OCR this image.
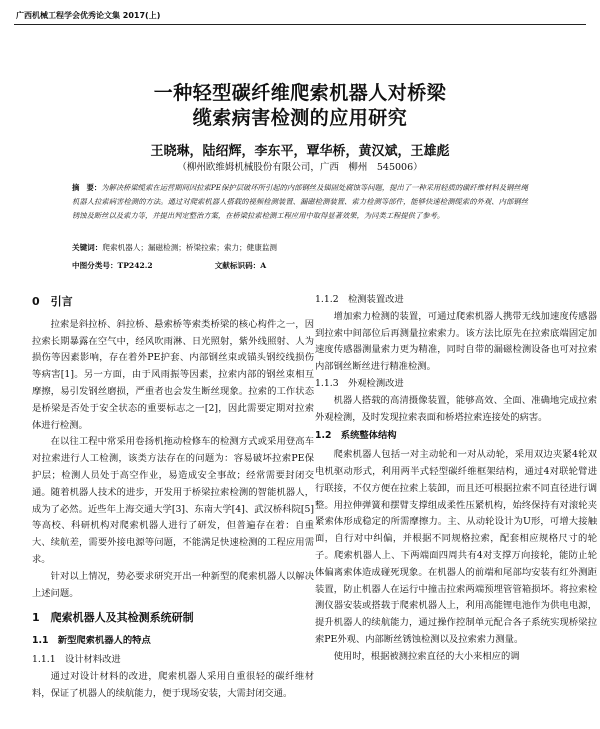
广西机械工程学会优秀论文集 2017(上)
一种轻型碳纤维爬索机器人对桥梁
缆索病害检测的应用研究
王晓琳，陆绍辉，李东平，覃华桥，黄汉斌，王雄彪
（柳州欧维姆机械股份有限公司，广西　柳州　545006）
摘　要：为解决桥梁缆索在运营期间因拉索PE保护层破坏所引起的内部钢丝及锚固处腐蚀等问题，提出了一种采用轻质的碳纤维材料及钢丝绳机器人拉索病害检测的方法。通过对爬索机器人搭载的视频检测装置、漏磁检测装置、索力检测等部件，能够快速检测缆索的外观、内部钢丝锈蚀及断丝以及索力等，并提出判定整治方案，在桥梁拉索检测工程应用中取得显著效果，为同类工程提供了参考。
关键词：爬索机器人；漏磁检测；桥梁拉索；索力；健康监测
中图分类号：TP242.2	文献标识码：A
0　引言

拉索是斜拉桥、斜拉桥、悬索桥等索类桥梁的核心构件之一，因拉索长期暴露在空气中，经风吹雨淋、日光照射，紫外线照射、人为损伤等因素影响，存在着外PE护套、内部钢丝束或锚头钢绞线损伤等病害[1]。另一方面，由于风雨振等因素，拉索内部的钢丝束相互摩擦，易引发钢丝磨损，严重者也会发生断丝现象。拉索的工作状态是桥梁是否处于安全状态的重要标志之一[2]，因此需要定期对拉索体进行检测。

在以往工程中常采用卷扬机拖动检修车的检测方式或采用登高车对拉索进行人工检测，该类方法存在的问题为：容易破坏拉索PE保护层；检测人员处于高空作业，易造成安全事故；经常需要封闭交通。随着机器人技术的进步，开发用于桥梁拉索检测的智能机器人，成为了必然。近些年上海交通大学[3]、东南大学[4]、武汉桥科院[5]等高校、科研机构对爬索机器人进行了研发，但普遍存在着：自重大、续航差，需要外接电源等问题，不能满足快速检测的工程应用需求。

针对以上情况，势必要求研究开出一种新型的爬索机器人以解决上述问题。

1　爬索机器人及其检测系统研制
1.1　新型爬索机器人的特点
1.1.1　设计材料改进

通过对设计材料的改进，爬索机器人采用自重很轻的碳纤维材料，保证了机器人的续航能力，便于现场安装，大需封闭交通。

1.1.2　检测装置改进

增加索力检测的装置，可通过爬索机器人携带无线加速度传感器到拉索中间部位后再测量拉索索力。该方法比原先在拉索底端固定加速度传感器测量索力更为精准，同时自带的漏磁检测设备也可对拉索内部钢丝断丝进行精准检测。

1.1.3　外观检测改进

机器人搭载的高清摄像装置，能够高效、全面、准确地完成拉索外观检测，及时发现拉索表面和桥塔拉索连接处的病害。

1.2　系统整体结构

爬索机器人包括一对主动轮和一对从动轮，采用双边夹紧4轮双电机驱动形式，利用两半式轻型碳纤维框架结构，通过4对联轮臂进行联接，不仅方便在拉索上装卸，而且还可根据拉索不同直径进行调整。用拉伸弹簧和摆臂支撑组成柔性压紧机构，始终保持有对滚轮夹紧索体形成稳定的所需摩擦力。主、从动轮设计为U形，可增大接触面，自行对中纠偏，并根据不同规格拉索，配套相应规格尺寸的轮子。爬索机器人上、下两端面四周共有4对支撑万向接轮，能防止轮体偏离索体造成碰死现象。在机器人的前端和尾部均安装有红外测距装置，防止机器人在运行中撞击拉索两端预埋管管箱损坏。将拉索检测仪器安装或搭载于爬索机器人上，利用高能锂电池作为供电电源，提升机器人的续航能力，通过操作控制单元配合各子系统实现桥梁拉索PE外观、内部断丝锈蚀检测以及拉索索力测量。

使用时，根据被测拉索直径的大小来相应的调
